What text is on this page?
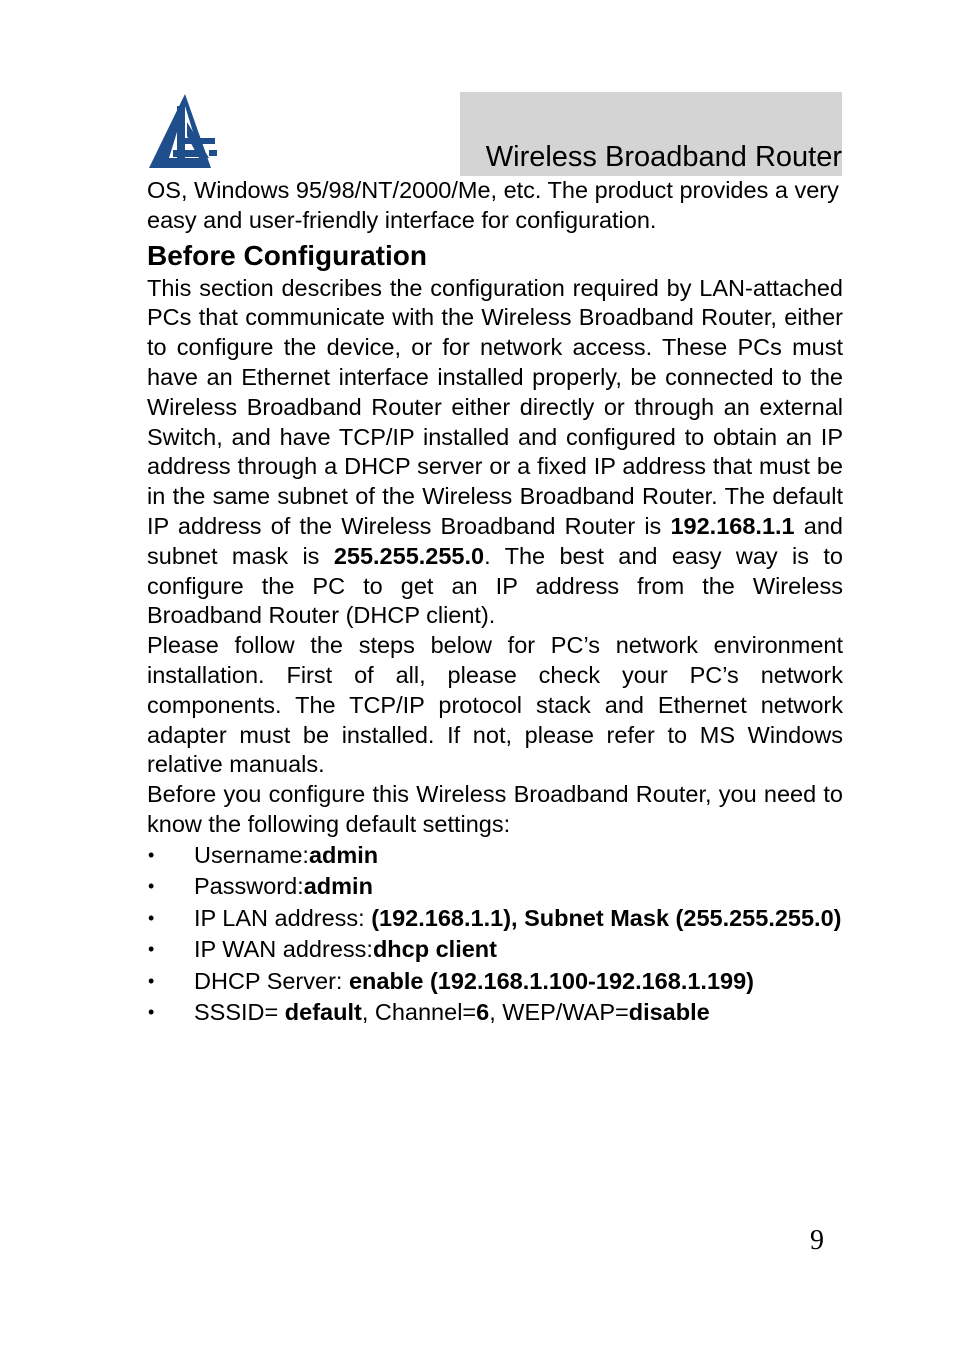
Wireless Broadband Router

OS, Windows 95/98/NT/2000/Me, etc. The product provides a very easy and user-friendly interface for configuration.

Before Configuration

This section describes the configuration required by LAN-attached PCs that communicate with the Wireless Broadband Router, either to configure the device, or for network access. These PCs must have an Ethernet interface installed properly, be connected to the Wireless Broadband Router either directly or through an external Switch, and have TCP/IP installed and configured to obtain an IP address through a DHCP server or a fixed IP address that must be in the same subnet of the Wireless Broadband Router. The default IP address of the Wireless Broadband Router is 192.168.1.1 and subnet mask is 255.255.255.0. The best and easy way is to configure the PC to get an IP address from the Wireless Broadband Router (DHCP client).

Please follow the steps below for PC’s network environment installation. First of all, please check your PC’s network components. The TCP/IP protocol stack and Ethernet network adapter must be installed. If not, please refer to MS Windows relative manuals.

Before you configure this Wireless Broadband Router, you need to know the following default settings:

• Username:admin
• Password:admin
• IP LAN address: (192.168.1.1), Subnet Mask (255.255.255.0)
• IP WAN address:dhcp client
• DHCP Server: enable (192.168.1.100-192.168.1.199)
• SSSID= default, Channel=6, WEP/WAP=disable
9
